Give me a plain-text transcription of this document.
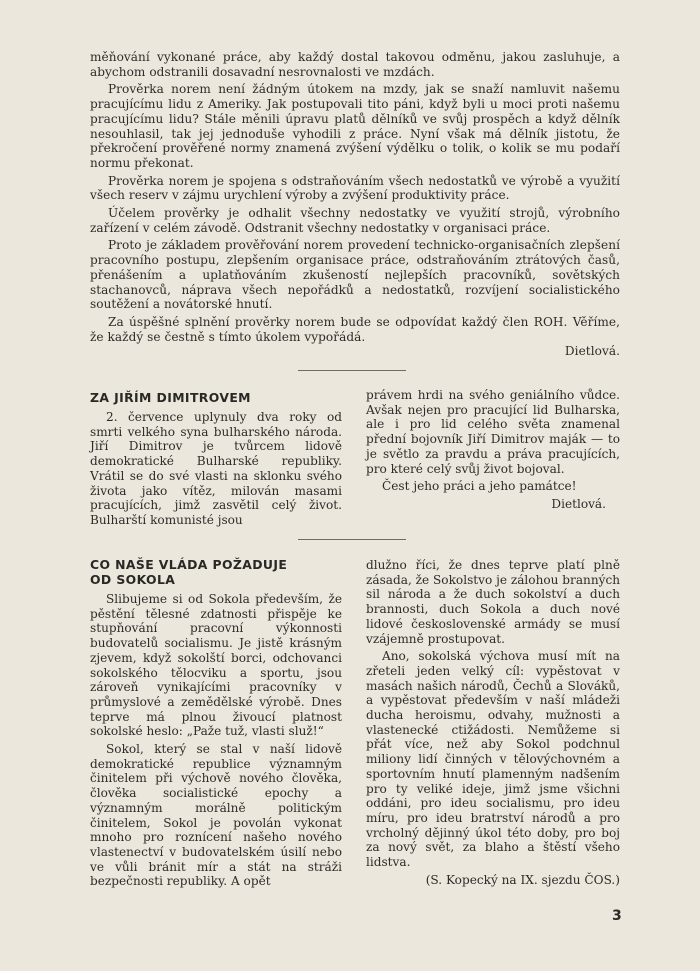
měňování vykonané práce, aby každý dostal takovou odměnu, jakou zasluhuje, a abychom odstranili dosavadní nesrovnalosti ve mzdách.

Prověrka norem není žádným útokem na mzdy, jak se snaží namluvit našemu pracujícímu lidu z Ameriky. Jak postupovali tito páni, když byli u moci proti našemu pracujícímu lidu? Stále měnili úpravu platů dělníků ve svůj prospěch a když dělník nesouhlasil, tak jej jednoduše vyhodili z práce. Nyní však má dělník jistotu, že překročení prověřené normy znamená zvýšení výdělku o tolik, o kolik se mu podaří normu překonat.

Prověrka norem je spojena s odstraňováním všech nedostatků ve výrobě a využití všech reserv v zájmu urychlení výroby a zvýšení produktivity práce.

Účelem prověrky je odhalit všechny nedostatky ve využití strojů, výrobního zařízení v celém závodě. Odstranit všechny nedostatky v organisaci práce.

Proto je základem prověřování norem provedení technicko-organisačních zlepšení pracovního postupu, zlepšením organisace práce, odstraňováním ztrátových časů, přenášením a uplatňováním zkušeností nejlepších pracovníků, sovětských stachanovců, náprava všech nepořádků a nedostatků, rozvíjení socialistického soutěžení a novátorské hnutí.

Za úspěšné splnění prověrky norem bude se odpovídat každý člen ROH. Věříme, že každý se čestně s tímto úkolem vypořádá.

Dietlová.
ZA JIŘÍM DIMITROVEM

2. července uplynuly dva roky od smrti velkého syna bulharského národa. Jiří Dimitrov je tvůrcem lidově demokratické Bulharské republiky. Vrátil se do své vlasti na sklonku svého života jako vítěz, milován masami pracujících, jimž zasvětil celý život. Bulharští komunisté jsou

právem hrdi na svého geniálního vůdce. Avšak nejen pro pracující lid Bulharska, ale i pro lid celého světa znamenal přední bojovník Jiří Dimitrov maják — to je světlo za pravdu a práva pracujících, pro které celý svůj život bojoval.

Čest jeho práci a jeho památce!

Dietlová.
CO NAŠE VLÁDA POŽADUJE
OD SOKOLA

Slibujeme si od Sokola především, že pěstění tělesné zdatnosti přispěje ke stupňování pracovní výkonnosti budovatelů socialismu. Je jistě krásným zjevem, když sokolští borci, odchovanci sokolského tělocviku a sportu, jsou zároveň vynikajícími pracovníky v průmyslové a zemědělské výrobě. Dnes teprve má plnou živoucí platnost sokolské heslo: „Paže tuž, vlasti služ!“

Sokol, který se stal v naší lidově demokratické republice významným činitelem při výchově nového člověka, člověka socialistické epochy a významným morálně politickým činitelem, Sokol je povolán vykonat mnoho pro roznícení našeho nového vlastenectví v budovatelském úsilí nebo ve vůli bránit mír a stát na stráži bezpečnosti republiky. A opět

dlužno říci, že dnes teprve platí plně zásada, že Sokolstvo je zálohou branných sil národa a že duch sokolství a duch brannosti, duch Sokola a duch nové lidové československé armády se musí vzájemně prostupovat.

Ano, sokolská výchova musí mít na zřeteli jeden velký cíl: vypěstovat v masách našich národů, Čechů a Slováků, a vypěstovat především v naší mládeži ducha heroismu, odvahy, mužnosti a vlastenecké ctižádosti. Nemůžeme si přát více, než aby Sokol podchnul miliony lidí činných v tělovýchovném a sportovním hnutí plamenným nadšením pro ty veliké ideje, jimž jsme všichni oddáni, pro ideu socialismu, pro ideu míru, pro ideu bratrství národů a pro vrcholný dějinný úkol této doby, pro boj za nový svět, za blaho a štěstí všeho lidstva.

(S. Kopecký na IX. sjezdu ČOS.)
3
